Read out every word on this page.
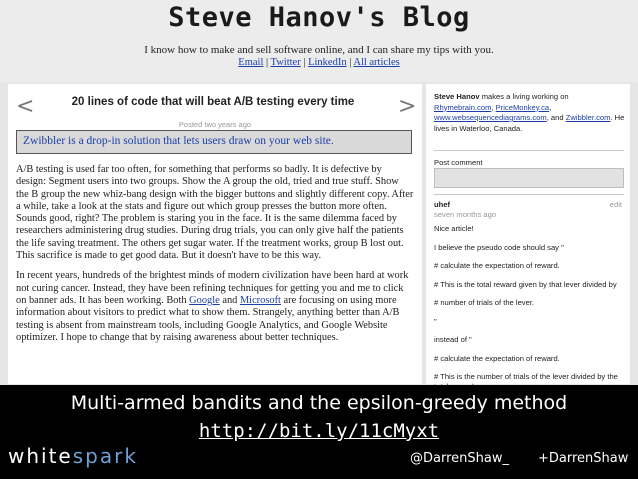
Steve Hanov's Blog
I know how to make and sell software online, and I can share my tips with you.
Email | Twitter | LinkedIn | All articles
<	20 lines of code that will beat A/B testing every time >
Posted two years ago
Zwibbler is a drop-in solution that lets users draw on your web site.

A/B testing is used far too often, for something that performs so badly. It is defective by design: Segment users into two groups. Show the A group the old, tried and true stuff. Show the B group the new whiz-bang design with the bigger buttons and slightly different copy. After a while, take a look at the stats and figure out which group presses the button more often. Sounds good, right? The problem is staring you in the face. It is the same dilemma faced by researchers administering drug studies. During drug trials, you can only give half the patients the life saving treatment. The others get sugar water. If the treatment works, group B lost out. This sacrifice is made to get good data. But it doesn't have to be this way.

In recent years, hundreds of the brightest minds of modern civilization have been hard at work not curing cancer. Instead, they have been refining techniques for getting you and me to click on banner ads. It has been working. Both Google and Microsoft are focusing on using more information about visitors to predict what to show them. Strangely, anything better than A/B testing is absent from mainstream tools, including Google Analytics, and Google Website optimizer. I hope to change that by raising awareness about better techniques.

Steve Hanov makes a living working on Rhymebrain.com, PriceMonkey.ca, www.websequencediagrams.com, and Zwibbler.com. He lives in Waterloo, Canada.
Post comment
uhef	edit
seven months ago
Nice article!
I believe the pseudo code should say "
# calculate the expectation of reward.
# This is the total reward given by that lever divided by
# number of trials of the lever.
"
instead of "
# calculate the expectation of reward.
# This is the number of trials of the lever divided by the
Multi-armed bandits and the epsilon-greedy method
http://bit.ly/11cMyxt
whitespark	@DarrenShaw_ +DarrenShaw
